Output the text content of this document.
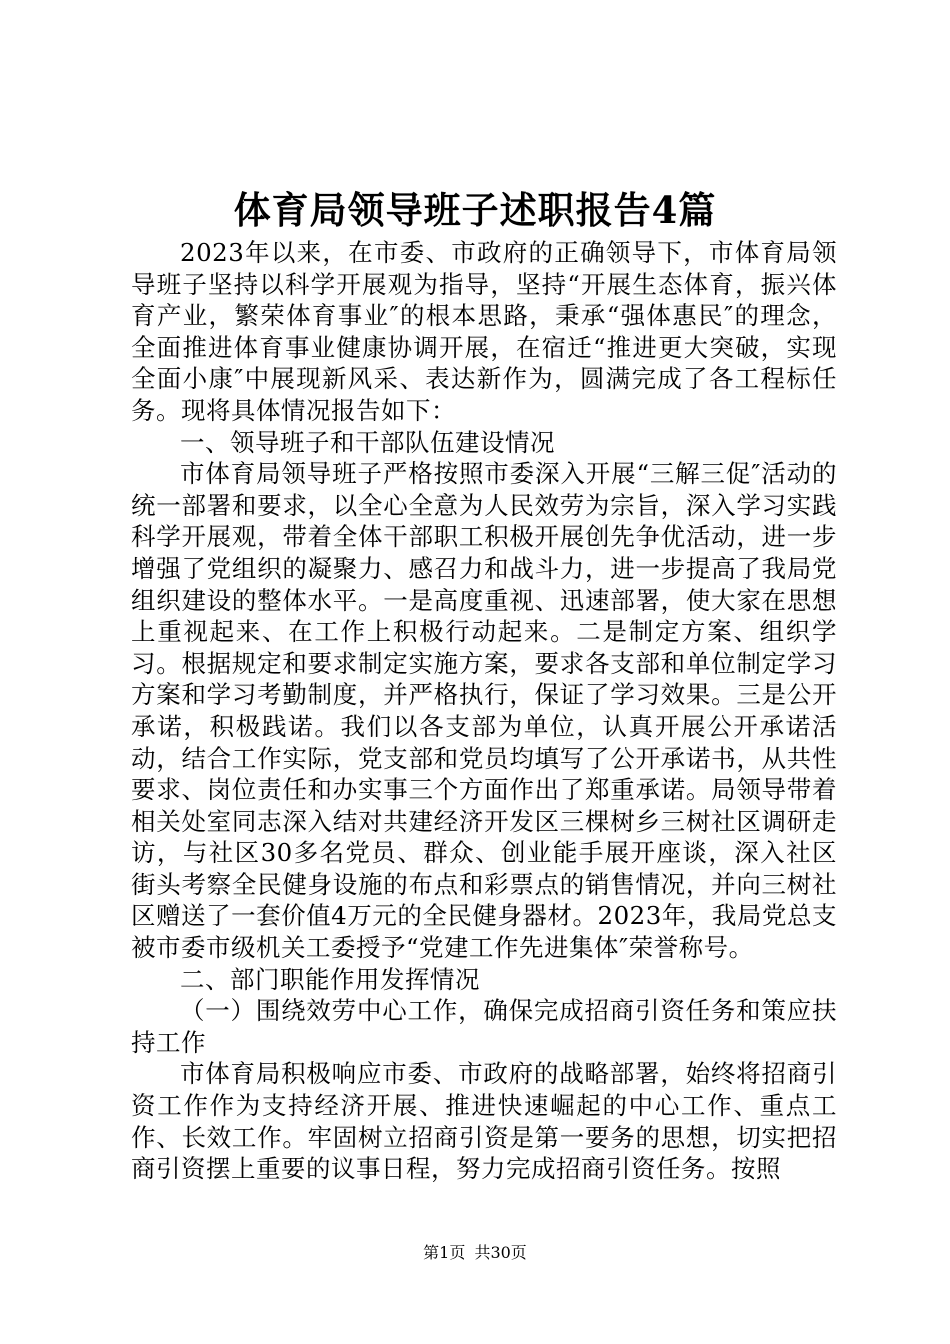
体育局领导班子述职报告4篇

2023年以来，在市委、市政府的正确领导下，市体育局领导班子坚持以科学开展观为指导，坚持“开展生态体育，振兴体育产业，繁荣体育事业″的根本思路，秉承“强体惠民″的理念，全面推进体育事业健康协调开展，在宿迁“推进更大突破，实现全面小康″中展现新风采、表达新作为，圆满完成了各工程标任务。现将具体情况报告如下：

一、领导班子和干部队伍建设情况

市体育局领导班子严格按照市委深入开展“三解三促″活动的统一部署和要求，以全心全意为人民效劳为宗旨，深入学习实践科学开展观，带着全体干部职工积极开展创先争优活动，进一步增强了党组织的凝聚力、感召力和战斗力，进一步提高了我局党组织建设的整体水平。一是高度重视、迅速部署，使大家在思想上重视起来、在工作上积极行动起来。二是制定方案、组织学习。根据规定和要求制定实施方案，要求各支部和单位制定学习方案和学习考勤制度，并严格执行，保证了学习效果。三是公开承诺，积极践诺。我们以各支部为单位，认真开展公开承诺活动，结合工作实际，党支部和党员均填写了公开承诺书，从共性要求、岗位责任和办实事三个方面作出了郑重承诺。局领导带着相关处室同志深入结对共建经济开发区三棵树乡三树社区调研走访，与社区30多名党员、群众、创业能手展开座谈，深入社区街头考察全民健身设施的布点和彩票点的销售情况，并向三树社区赠送了一套价值4万元的全民健身器材。2023年，我局党总支被市委市级机关工委授予“党建工作先进集体″荣誉称号。

二、部门职能作用发挥情况

（一）围绕效劳中心工作，确保完成招商引资任务和策应扶持工作

市体育局积极响应市委、市政府的战略部署，始终将招商引资工作作为支持经济开展、推进快速崛起的中心工作、重点工作、长效工作。牢固树立招商引资是第一要务的思想，切实把招商引资摆上重要的议事日程，努力完成招商引资任务。按照

第1页 共30页
